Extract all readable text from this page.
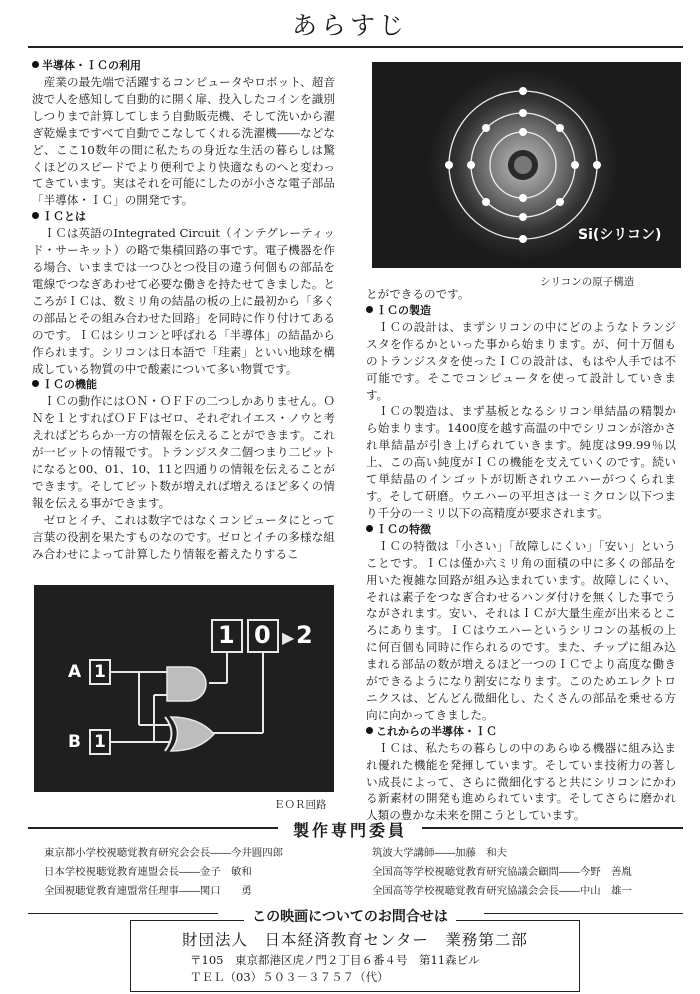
あらすじ
半導体・ＩＣの利用

産業の最先端で活躍するコンピュータやロボット、超音波で人を感知して自動的に開く扉、投入したコインを識別しつりまで計算してしまう自動販売機、そして洗いから濯ぎ乾燥まですべて自動でこなしてくれる洗濯機――などなど、ここ10数年の間に私たちの身近な生活の暮らしは驚くほどのスピードでより便利でより快適なものへと変わってきています。実はそれを可能にしたのが小さな電子部品「半導体・ＩＣ」の開発です。

ＩＣとは

ＩＣは英語のIntegrated Circuit（インテグレーティッド・サーキット）の略で集積回路の事です。電子機器を作る場合、いままでは一つひとつ役目の違う何個もの部品を電線でつなぎあわせて必要な働きを持たせてきました。ところがＩＣは、数ミリ角の結晶の板の上に最初から「多くの部品とその組み合わせた回路」を同時に作り付けてあるのです。ＩＣはシリコンと呼ばれる「半導体」の結晶から作られます。シリコンは日本語で「珪素」といい地球を構成している物質の中で酸素について多い物質です。

ＩＣの機能

ＩＣの動作にはＯＮ・ＯＦＦの二つしかありません。ＯＮを１とすればＯＦＦはゼロ、それぞれイエス・ノウと考えればどちらか一方の情報を伝えることができます。これが一ビットの情報です。トランジスタ二個つまり二ビットになると00、01、10、11と四通りの情報を伝えることができます。そしてビット数が増えれば増えるほど多くの情報を伝える事ができます。

ゼロとイチ、これは数字ではなくコンピュータにとって言葉の役割を果たすものなのです。ゼロとイチの多様な組み合わせによって計算したり情報を蓄えたりするこ

Si(シリコン)
シリコンの原子構造

とができるのです。

ＩＣの製造

ＩＣの設計は、まずシリコンの中にどのようなトランジスタを作るかといった事から始まります。が、何十万個ものトランジスタを使ったＩＣの設計は、もはや人手では不可能です。そこでコンピュータを使って設計していきます。

ＩＣの製造は、まず基板となるシリコン単結晶の精製から始まります。1400度を越す高温の中でシリコンが溶かされ単結晶が引き上げられていきます。純度は99.99％以上、この高い純度がＩＣの機能を支えていくのです。続いて単結晶のインゴットが切断されウエハーがつくられます。そして研磨。ウエハーの平坦さは一ミクロン以下つまり千分の一ミリ以下の高精度が要求されます。

ＩＣの特徴

ＩＣの特徴は「小さい」「故障しにくい」「安い」ということです。ＩＣは僅か六ミリ角の面積の中に多くの部品を用いた複雑な回路が組み込まれています。故障しにくい、それは素子をつなぎ合わせるハンダ付けを無くした事でうながされます。安い、それはＩＣが大量生産が出来るところにあります。ＩＣはウエハーというシリコンの基板の上に何百個も同時に作られるのです。また、チップに組み込まれる部品の数が増えるほど一つのＩＣでより高度な働きができるようになり割安になります。このためエレクトロニクスは、どんどん微細化し、たくさんの部品を乗せる方向に向かってきました。

これからの半導体・ＩＣ

ＩＣは、私たちの暮らしの中のあらゆる機器に組み込まれ優れた機能を発揮しています。そしていま技術力の著しい成長によって、さらに微細化すると共にシリコンにかわる新素材の開発も進められています。そしてさらに磨かれ人類の豊かな未来を開こうとしています。

▶
A 1
B 1
1 0 2
ＥＯＲ回路
製作専門委員
東京都小学校視聴覚教育研究会会長――今井圓四郎
日本学校視聴覚教育連盟会長――金子　敏和
全国視聴覚教育連盟常任理事――関口　　勇
筑波大学講師――加藤　和夫
全国高等学校視聴覚教育研究協議会顧問――今野　善胤
全国高等学校視聴覚教育研究協議会会長――中山　雄一
この映画についてのお問合せは
財団法人　日本経済教育センター　業務第二部
〒105　東京都港区虎ノ門２丁目６番４号　第11森ビル
ＴＥＬ（03）５０３－３７５７（代）
